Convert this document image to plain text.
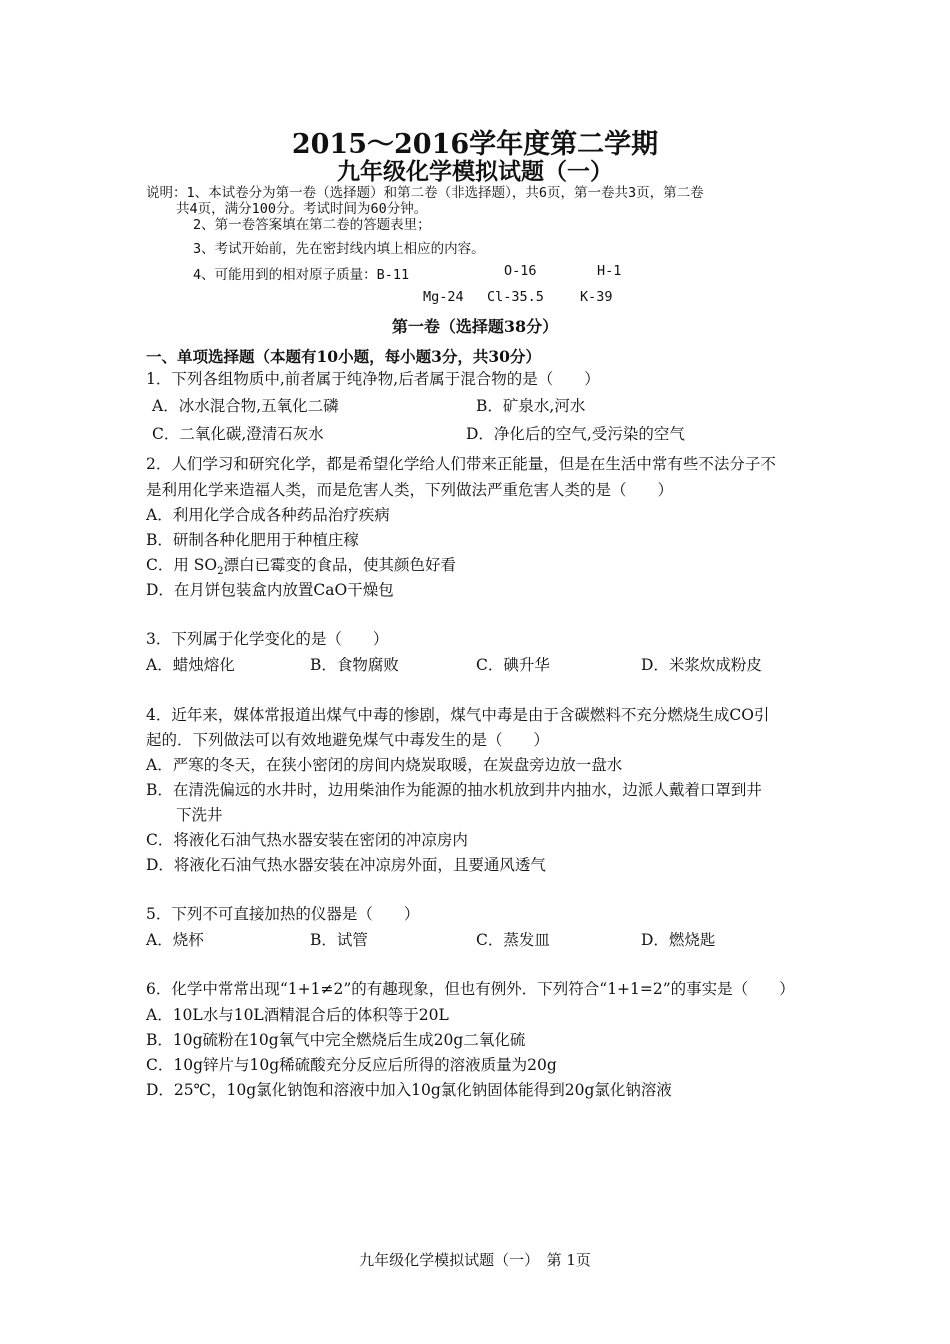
2015～2016学年度第二学期
九年级化学模拟试题（一）
说明：1、本试卷分为第一卷（选择题）和第二卷（非选择题），共6页，第一卷共3页，第二卷
共4页，满分100分。考试时间为60分钟。
2、第一卷答案填在第二卷的答题表里；
3、考试开始前，先在密封线内填上相应的内容。
4、可能用到的相对原子质量：B-11	O-16	H-1
Mg-24 Cl-35.5	K-39
第一卷（选择题38分）
一、单项选择题（本题有10小题，每小题3分，共30分）
1．下列各组物质中,前者属于纯净物,后者属于混合物的是（　　）
A．冰水混合物,五氧化二磷	B．矿泉水,河水
C．二氧化碳,澄清石灰水	D．净化后的空气,受污染的空气
2．人们学习和研究化学，都是希望化学给人们带来正能量，但是在生活中常有些不法分子不
是利用化学来造福人类，而是危害人类，下列做法严重危害人类的是（　　）
A．利用化学合成各种药品治疗疾病
B．研制各种化肥用于种植庄稼
C．用 $SO_2$漂白已霉变的食品，使其颜色好看
D．在月饼包装盒内放置CaO干燥包
3．下列属于化学变化的是（　　）
A．蜡烛熔化	B．食物腐败	C．碘升华	D．米浆炊成粉皮
4．近年来，媒体常报道出煤气中毒的惨剧，煤气中毒是由于含碳燃料不充分燃烧生成CO引
起的．下列做法可以有效地避免煤气中毒发生的是（　　）
A．严寒的冬天，在狭小密闭的房间内烧炭取暖，在炭盘旁边放一盘水
B．在清洗偏远的水井时，边用柴油作为能源的抽水机放到井内抽水，边派人戴着口罩到井
下洗井
C．将液化石油气热水器安装在密闭的冲凉房内
D．将液化石油气热水器安装在冲凉房外面，且要通风透气
5．下列不可直接加热的仪器是（　　）
A．烧杯	B．试管	C．蒸发皿	D．燃烧匙
6．化学中常常出现“1+1≠2”的有趣现象，但也有例外．下列符合“1+1=2”的事实是（　　）
A．10L水与10L酒精混合后的体积等于20L
B．10g硫粉在10g氧气中完全燃烧后生成20g二氧化硫
C．10g锌片与10g稀硫酸充分反应后所得的溶液质量为20g
D．25℃，10g氯化钠饱和溶液中加入10g氯化钠固体能得到20g氯化钠溶液
九年级化学模拟试题（一）　第 1页
